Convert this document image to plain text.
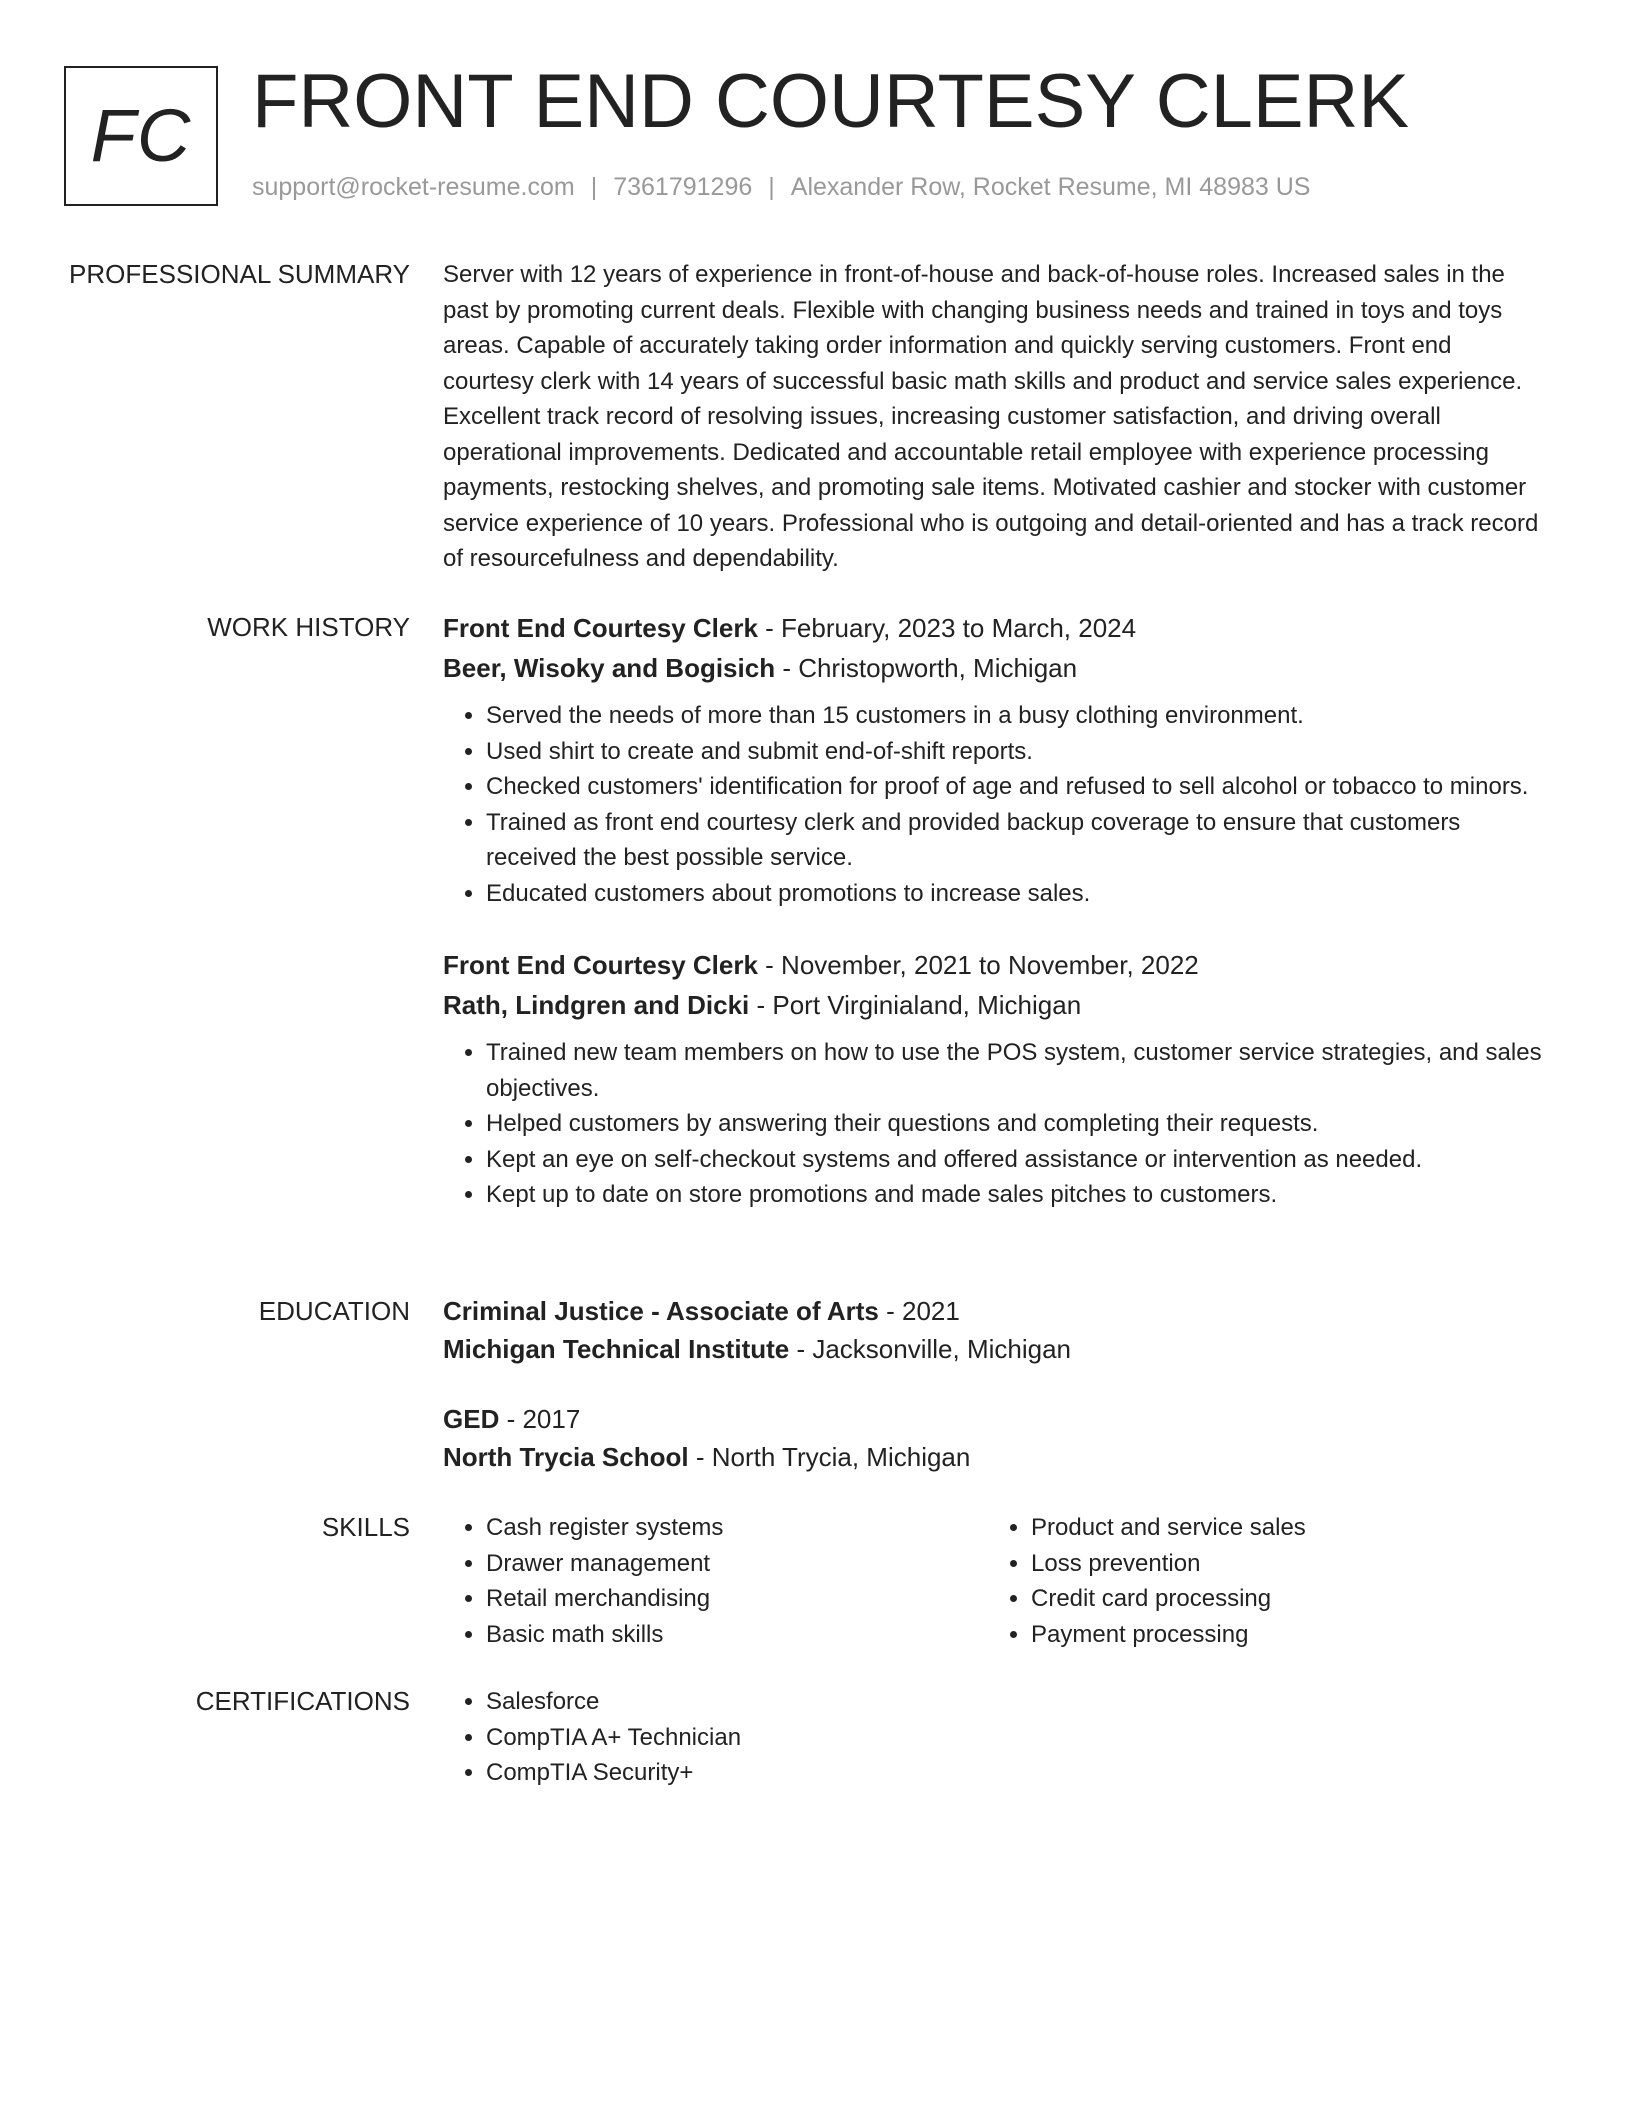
FC FRONT END COURTESY CLERK
support@rocket-resume.com | 7361791296 | Alexander Row, Rocket Resume, MI 48983 US
PROFESSIONAL SUMMARY Server with 12 years of experience in front-of-house and back-of-house roles. Increased sales in the past by promoting current deals. Flexible with changing business needs and trained in toys and toys areas. Capable of accurately taking order information and quickly serving customers. Front end courtesy clerk with 14 years of successful basic math skills and product and service sales experience. Excellent track record of resolving issues, increasing customer satisfaction, and driving overall operational improvements. Dedicated and accountable retail employee with experience processing payments, restocking shelves, and promoting sale items. Motivated cashier and stocker with customer service experience of 10 years. Professional who is outgoing and detail-oriented and has a track record of resourcefulness and dependability.

WORK HISTORY Front End Courtesy Clerk - February, 2023 to March, 2024

Beer, Wisoky and Bogisich - Christopworth, Michigan

• Served the needs of more than 15 customers in a busy clothing environment.
• Used shirt to create and submit end-of-shift reports.
• Checked customers' identification for proof of age and refused to sell alcohol or tobacco to minors.
• Trained as front end courtesy clerk and provided backup coverage to ensure that customers received the best possible service.
• Educated customers about promotions to increase sales.

Front End Courtesy Clerk - November, 2021 to November, 2022

Rath, Lindgren and Dicki - Port Virginialand, Michigan

• Trained new team members on how to use the POS system, customer service strategies, and sales objectives.
• Helped customers by answering their questions and completing their requests.
• Kept an eye on self-checkout systems and offered assistance or intervention as needed.
• Kept up to date on store promotions and made sales pitches to customers.
EDUCATION Criminal Justice - Associate of Arts - 2021

Michigan Technical Institute - Jacksonville, Michigan

GED - 2017

North Trycia School - North Trycia, Michigan

SKILLS	• Cash register systems
• Drawer management
• Retail merchandising
• Basic math skills
• Product and service sales
• Loss prevention
• Credit card processing
• Payment processing
CERTIFICATIONS	• Salesforce
• CompTIA A+ Technician
• CompTIA Security+
